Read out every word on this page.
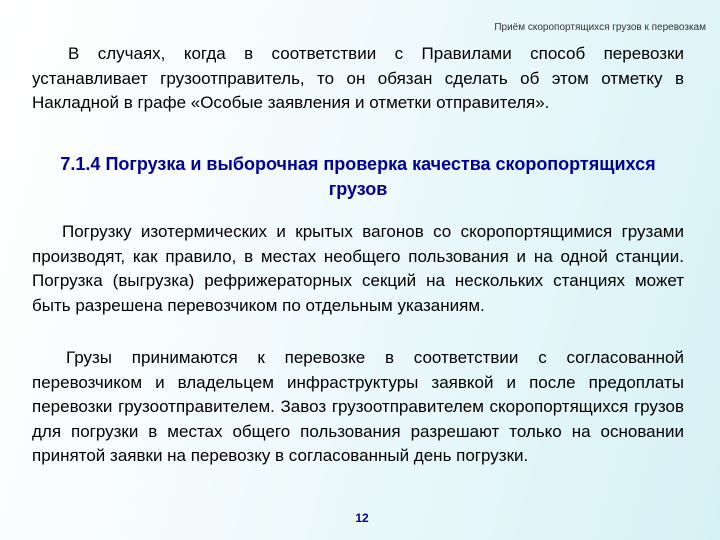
Приём скоропортящихся грузов к перевозкам

В случаях, когда в соответствии с Правилами способ перевозки устанавливает грузоотправитель, то он обязан сделать об этом отметку в Накладной в графе «Особые заявления и отметки отправителя».

7.1.4 Погрузка и выборочная проверка качества скоропортящихся грузов

Погрузку изотермических и крытых вагонов со скоропортящимися грузами производят, как правило, в местах необщего пользования и на одной станции. Погрузка (выгрузка) рефрижераторных секций на нескольких станциях может быть разрешена перевозчиком по отдельным указаниям.

Грузы принимаются к перевозке в соответствии с согласованной перевозчиком и владельцем инфраструктуры заявкой и после предоплаты перевозки грузоотправителем. Завоз грузоотправителем скоропортящихся грузов для погрузки в местах общего пользования разрешают только на основании принятой заявки на перевозку в согласованный день погрузки.

12
